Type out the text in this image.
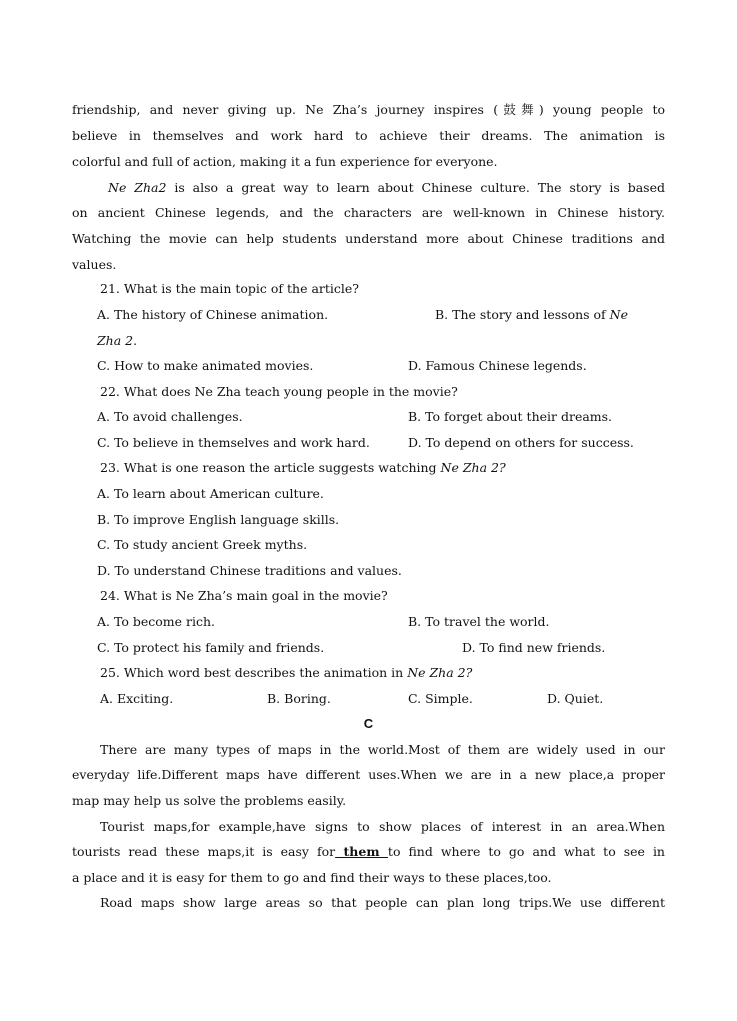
friendship, and never giving up. Ne Zha’s journey inspires (鼓舞) young people to
believe in themselves and work hard to achieve their dreams. The animation is
colorful and full of action, making it a fun experience for everyone.
Ne Zha2 is also a great way to learn about Chinese culture. The story is based
on ancient Chinese legends, and the characters are well-known in Chinese history.
Watching the movie can help students understand more about Chinese traditions and
values.
21. What is the main topic of the article?
A. The history of Chinese animation.	B. The story and lessons of Ne
Zha 2.
C. How to make animated movies.	D. Famous Chinese legends.
22. What does Ne Zha teach young people in the movie?
A. To avoid challenges.	B. To forget about their dreams.
C. To believe in themselves and work hard.	D. To depend on others for success.
23. What is one reason the article suggests watching Ne Zha 2?
A. To learn about American culture.
B. To improve English language skills.
C. To study ancient Greek myths.
D. To understand Chinese traditions and values.
24. What is Ne Zha’s main goal in the movie?
A. To become rich.	B. To travel the world.
C. To protect his family and friends.	D. To find new friends.
25. Which word best describes the animation in Ne Zha 2?
A. Exciting.	B. Boring.	C. Simple.	D. Quiet.
C
There are many types of maps in the world.Most of them are widely used in our
everyday life.Different maps have different uses.When we are in a new place,a proper
map may help us solve the problems easily.
Tourist maps,for example,have signs to show places of interest in an area.When
tourists read these maps,it is easy for them to find where to go and what to see in
a place and it is easy for them to go and find their ways to these places,too.
Road maps show large areas so that people can plan long trips.We use different
